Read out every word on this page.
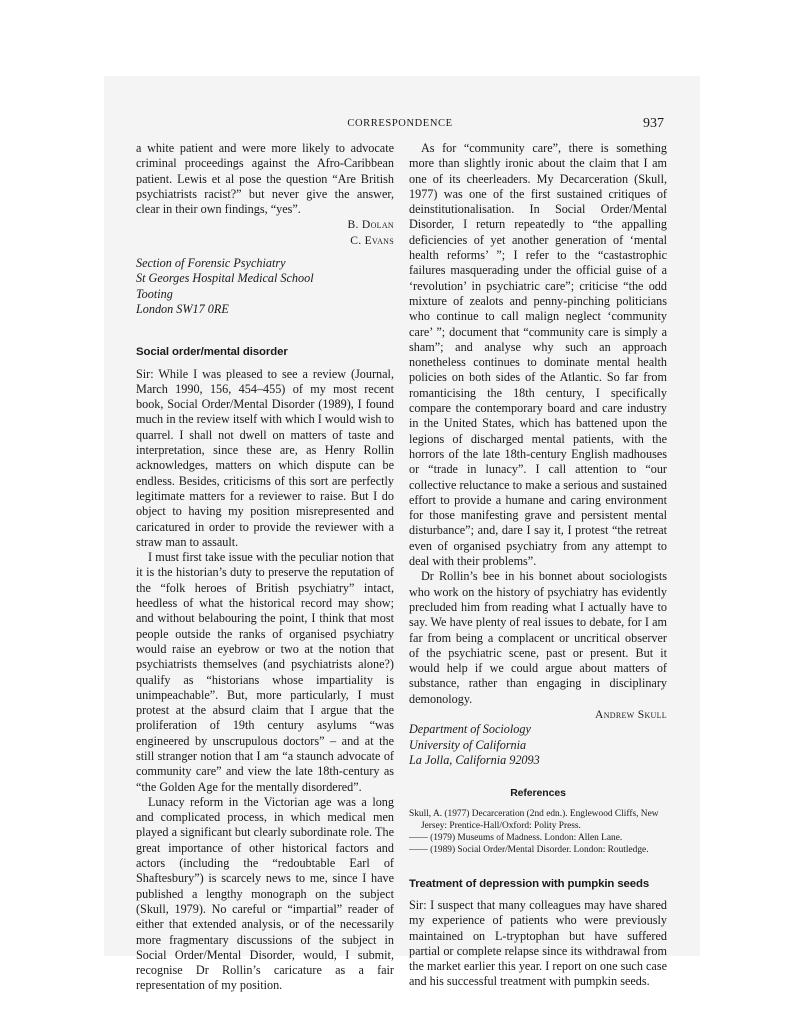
CORRESPONDENCE	937

a white patient and were more likely to advocate criminal proceedings against the Afro-Caribbean patient. Lewis et al pose the question “Are British psychiatrists racist?” but never give the answer, clear in their own findings, “yes”.

B. Dolan
C. Evans
Section of Forensic Psychiatry
St Georges Hospital Medical School
Tooting
London SW17 0RE
Social order/mental disorder

Sir: While I was pleased to see a review (Journal, March 1990, 156, 454–455) of my most recent book, Social Order/Mental Disorder (1989), I found much in the review itself with which I would wish to quarrel. I shall not dwell on matters of taste and interpretation, since these are, as Henry Rollin acknowledges, matters on which dispute can be endless. Besides, criticisms of this sort are perfectly legitimate matters for a reviewer to raise. But I do object to having my position misrepresented and caricatured in order to provide the reviewer with a straw man to assault.

I must first take issue with the peculiar notion that it is the historian’s duty to preserve the reputation of the “folk heroes of British psychiatry” intact, heedless of what the historical record may show; and without belabouring the point, I think that most people outside the ranks of organised psychiatry would raise an eyebrow or two at the notion that psychiatrists themselves (and psychiatrists alone?) qualify as “historians whose impartiality is unimpeachable”. But, more particularly, I must protest at the absurd claim that I argue that the proliferation of 19th century asylums “was engineered by unscrupulous doctors” – and at the still stranger notion that I am “a staunch advocate of community care” and view the late 18th-century as “the Golden Age for the mentally disordered”.

Lunacy reform in the Victorian age was a long and complicated process, in which medical men played a significant but clearly subordinate role. The great importance of other historical factors and actors (including the “redoubtable Earl of Shaftesbury”) is scarcely news to me, since I have published a lengthy monograph on the subject (Skull, 1979). No careful or “impartial” reader of either that extended analysis, or of the necessarily more fragmentary discussions of the subject in Social Order/Mental Disorder, would, I submit, recognise Dr Rollin’s caricature as a fair representation of my position.

As for “community care”, there is something more than slightly ironic about the claim that I am one of its cheerleaders. My Decarceration (Skull, 1977) was one of the first sustained critiques of deinstitutionalisation. In Social Order/Mental Disorder, I return repeatedly to “the appalling deficiencies of yet another generation of ‘mental health reforms’ ”; I refer to the “castastrophic failures masquerading under the official guise of a ‘revolution’ in psychiatric care”; criticise “the odd mixture of zealots and penny-pinching politicians who continue to call malign neglect ‘community care’ ”; document that “community care is simply a sham”; and analyse why such an approach nonetheless continues to dominate mental health policies on both sides of the Atlantic. So far from romanticising the 18th century, I specifically compare the contemporary board and care industry in the United States, which has battened upon the legions of discharged mental patients, with the horrors of the late 18th-century English madhouses or “trade in lunacy”. I call attention to “our collective reluctance to make a serious and sustained effort to provide a humane and caring environment for those manifesting grave and persistent mental disturbance”; and, dare I say it, I protest “the retreat even of organised psychiatry from any attempt to deal with their problems”.

Dr Rollin’s bee in his bonnet about sociologists who work on the history of psychiatry has evidently precluded him from reading what I actually have to say. We have plenty of real issues to debate, for I am far from being a complacent or uncritical observer of the psychiatric scene, past or present. But it would help if we could argue about matters of substance, rather than engaging in disciplinary demonology.

Andrew Skull
Department of Sociology
University of California
La Jolla, California 92093
References
Skull, A. (1977) Decarceration (2nd edn.). Englewood Cliffs, New Jersey: Prentice-Hall/Oxford: Polity Press.
—— (1979) Museums of Madness. London: Allen Lane.
—— (1989) Social Order/Mental Disorder. London: Routledge.
Treatment of depression with pumpkin seeds

Sir: I suspect that many colleagues may have shared my experience of patients who were previously maintained on L-tryptophan but have suffered partial or complete relapse since its withdrawal from the market earlier this year. I report on one such case and his successful treatment with pumpkin seeds.
